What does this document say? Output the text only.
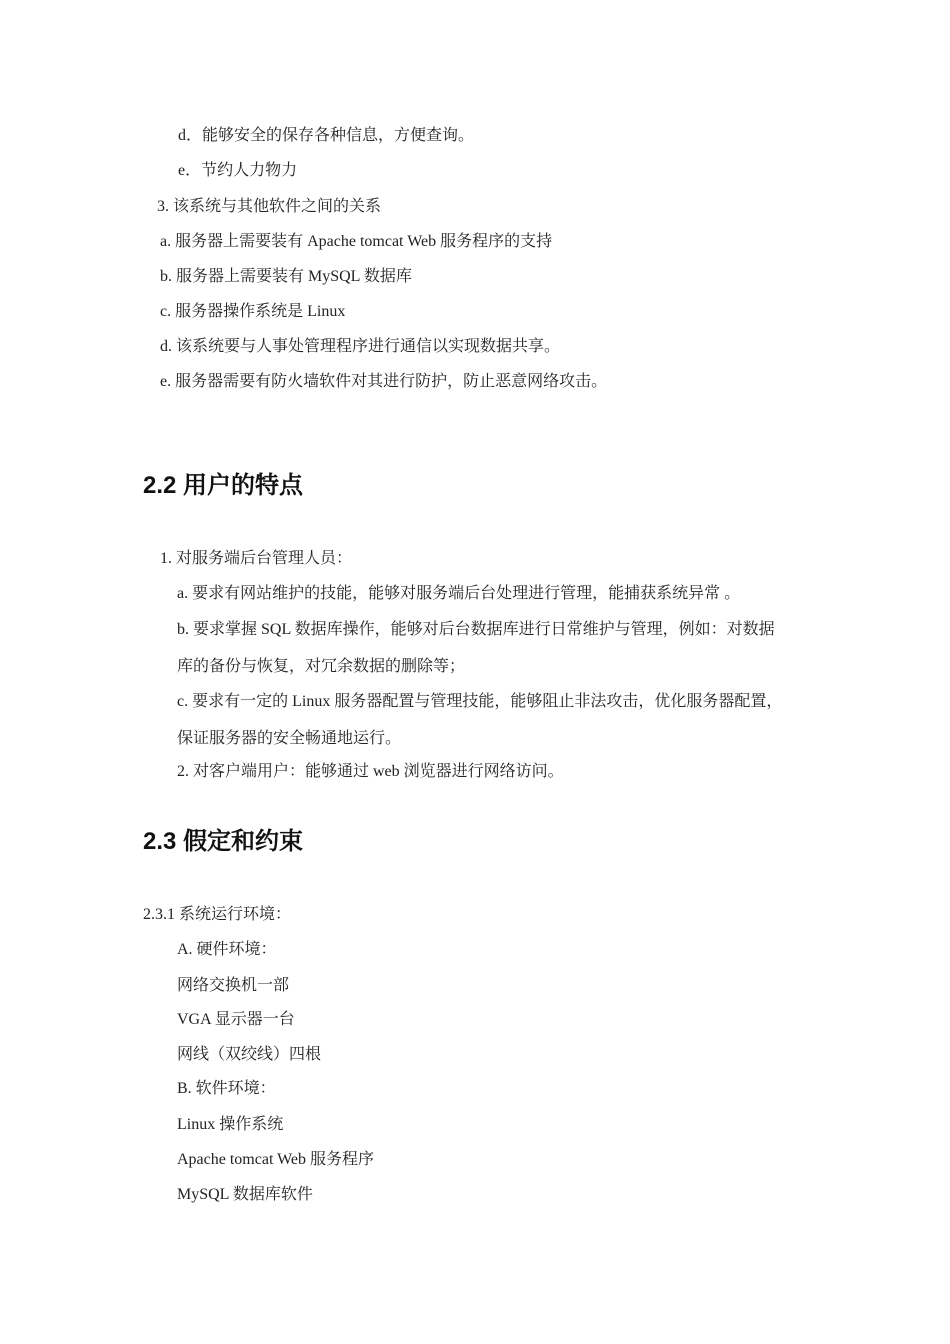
d．能够安全的保存各种信息，方便查询。
e．节约人力物力
3. 该系统与其他软件之间的关系
a. 服务器上需要装有 Apache tomcat Web 服务程序的支持
b. 服务器上需要装有 MySQL 数据库
c. 服务器操作系统是 Linux
d. 该系统要与人事处管理程序进行通信以实现数据共享。
e. 服务器需要有防火墙软件对其进行防护，防止恶意网络攻击。
2.2 用户的特点
1. 对服务端后台管理人员：
a. 要求有网站维护的技能，能够对服务端后台处理进行管理，能捕获系统异常 。
b. 要求掌握 SQL 数据库操作，能够对后台数据库进行日常维护与管理，例如：对数据
库的备份与恢复，对冗余数据的删除等；
c. 要求有一定的 Linux 服务器配置与管理技能，能够阻止非法攻击，优化服务器配置，
保证服务器的安全畅通地运行。
2. 对客户端用户：能够通过 web 浏览器进行网络访问。
2.3 假定和约束
2.3.1 系统运行环境：
A. 硬件环境：
网络交换机一部
VGA 显示器一台
网线（双绞线）四根
B. 软件环境：
Linux 操作系统
Apache tomcat Web 服务程序
MySQL 数据库软件
